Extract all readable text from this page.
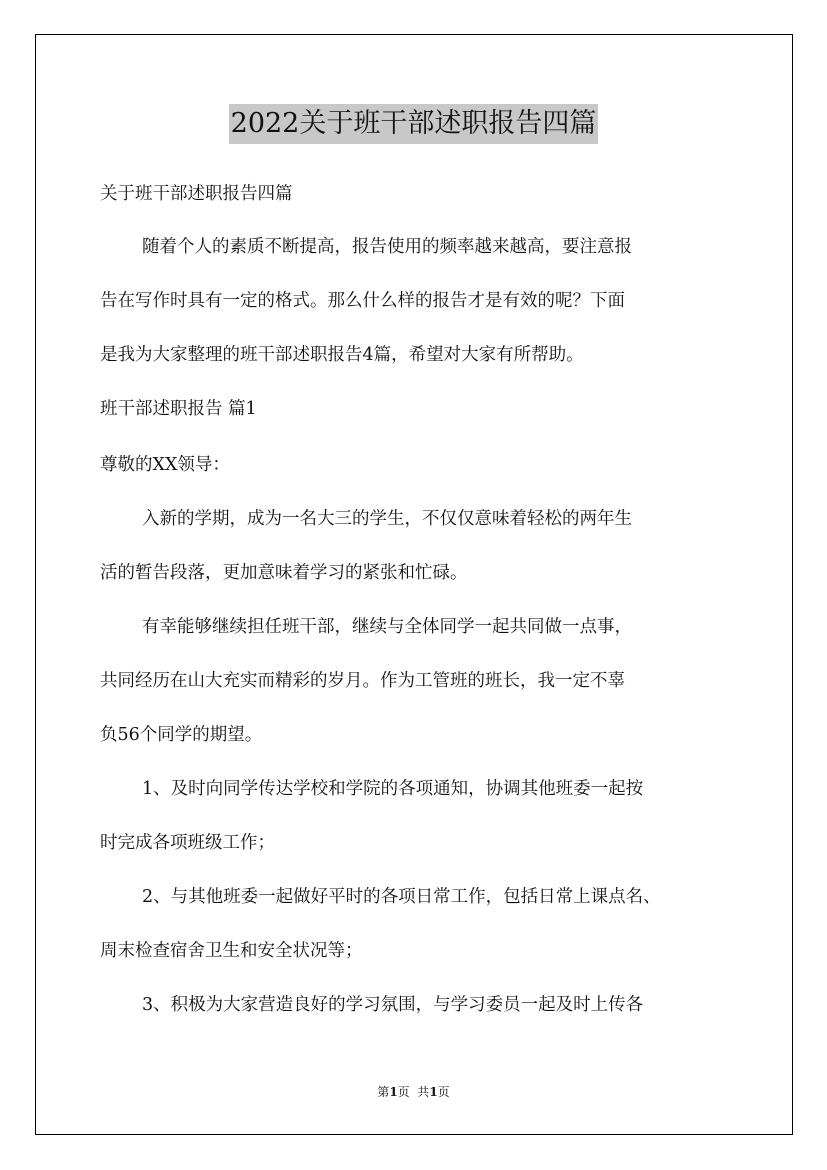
2022关于班干部述职报告四篇
关于班干部述职报告四篇
随着个人的素质不断提高，报告使用的频率越来越高，要注意报
告在写作时具有一定的格式。那么什么样的报告才是有效的呢？下面
是我为大家整理的班干部述职报告4篇，希望对大家有所帮助。
班干部述职报告 篇1
尊敬的XX领导：
入新的学期，成为一名大三的学生，不仅仅意味着轻松的两年生
活的暂告段落，更加意味着学习的紧张和忙碌。
有幸能够继续担任班干部，继续与全体同学一起共同做一点事，
共同经历在山大充实而精彩的岁月。作为工管班的班长，我一定不辜
负56个同学的期望。
1、及时向同学传达学校和学院的各项通知，协调其他班委一起按
时完成各项班级工作；
2、与其他班委一起做好平时的各项日常工作，包括日常上课点名、
周末检查宿舍卫生和安全状况等；
3、积极为大家营造良好的学习氛围，与学习委员一起及时上传各
第1页  共1页
